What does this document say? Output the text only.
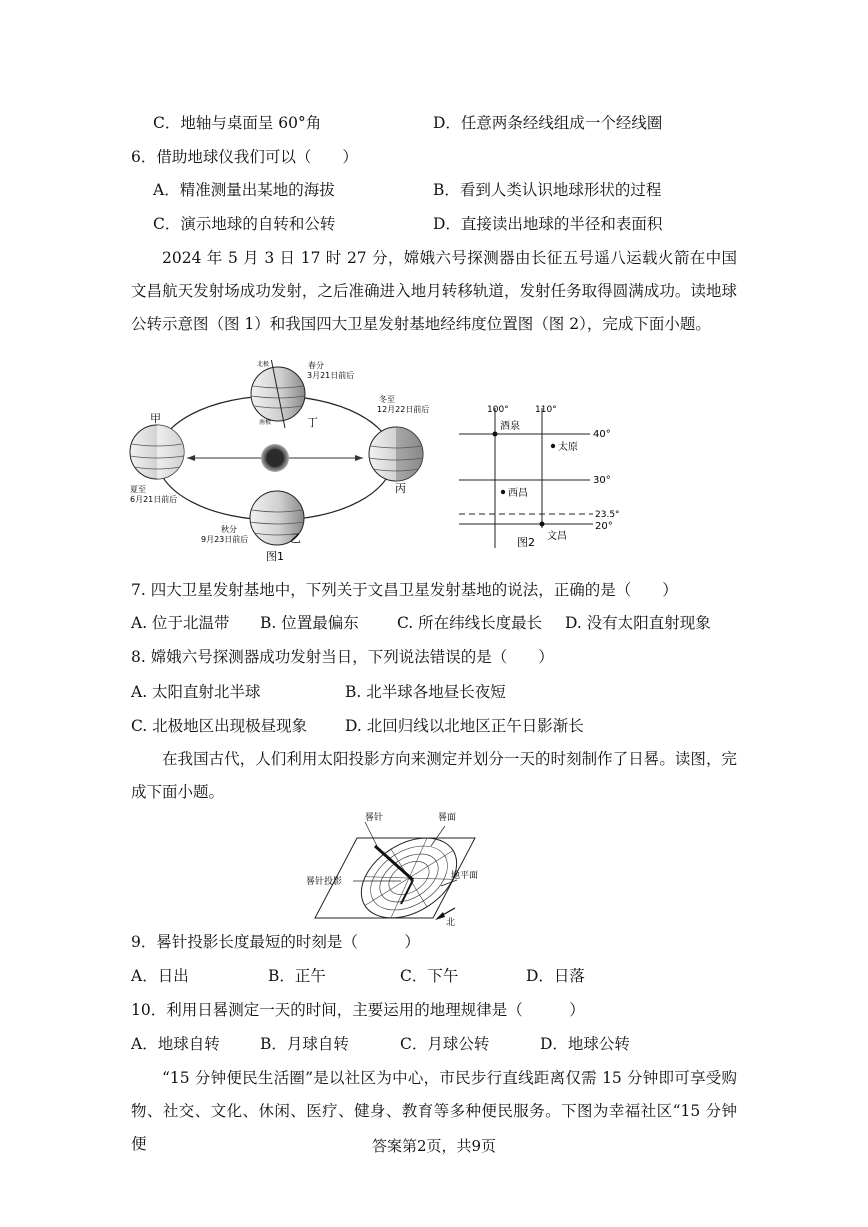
C．地轴与桌面呈 60°角	D．任意两条经线组成一个经线圈
6．借助地球仪我们可以（　　）
A．精准测量出某地的海拔	B．看到人类认识地球形状的过程
C．演示地球的自转和公转	D．直接读出地球的半径和表面积
2024 年 5 月 3 日 17 时 27 分，嫦娥六号探测器由长征五号遥八运载火箭在中国文昌航天发射场成功发射，之后准确进入地月转移轨道，发射任务取得圆满成功。读地球公转示意图（图 1）和我国四大卫星发射基地经纬度位置图（图 2），完成下面小题。
北极	春分
3月21日前后
丁
南极
甲
夏至
6月21日前后
冬至
12月22日前后
丙
秋分
9月23日前后	乙
图1
100°	110°
40°
30°
23.5°
20°
酒泉
太原
西昌
文昌
图2
7. 四大卫星发射基地中，下列关于文昌卫星发射基地的说法，正确的是（　　）
A. 位于北温带 B. 位置最偏东 C. 所在纬线长度最长 D. 没有太阳直射现象
8. 嫦娥六号探测器成功发射当日，下列说法错误的是（　　）
A. 太阳直射北半球	B. 北半球各地昼长夜短
C. 北极地区出现极昼现象 D. 北回归线以北地区正午日影渐长
在我国古代，人们利用太阳投影方向来测定并划分一天的时刻制作了日晷。读图，完成下面小题。
晷针	晷面
晷针投影
地平面
北
9．晷针投影长度最短的时刻是（　　　）
A．日出	B．正午	C．下午	D．日落
10．利用日晷测定一天的时间，主要运用的地理规律是（　　　）
A．地球自转	B．月球自转	C．月球公转	D．地球公转
“15 分钟便民生活圈”是以社区为中心，市民步行直线距离仅需 15 分钟即可享受购物、社交、文化、休闲、医疗、健身、教育等多种便民服务。下图为幸福社区“15 分钟便	答案第2页，共9页
